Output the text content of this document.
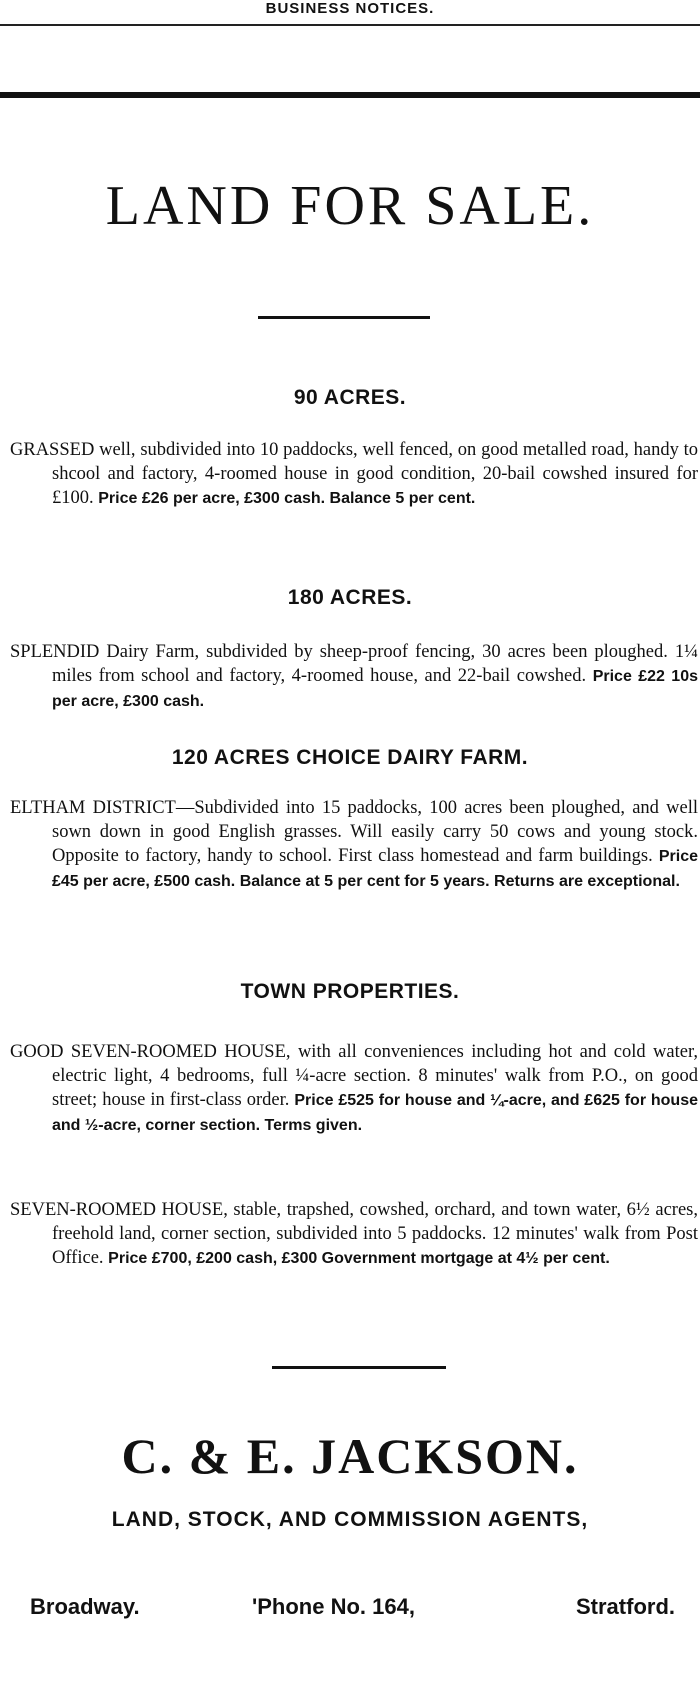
BUSINESS NOTICES.
LAND FOR SALE.
90 ACRES.
GRASSED well, subdivided into 10 paddocks, well fenced, on good metalled road, handy to shcool and factory, 4-roomed house in good condition, 20-bail cowshed insured for £100. Price £26 per acre, £300 cash. Balance 5 per cent.
180 ACRES.
SPLENDID Dairy Farm, subdivided by sheep-proof fencing, 30 acres been ploughed. 1¼ miles from school and factory, 4-roomed house, and 22-bail cowshed. Price £22 10s per acre, £300 cash.
120 ACRES CHOICE DAIRY FARM.
ELTHAM DISTRICT—Subdivided into 15 paddocks, 100 acres been ploughed, and well sown down in good English grasses. Will easily carry 50 cows and young stock. Opposite to factory, handy to school. First class homestead and farm buildings. Price £45 per acre, £500 cash. Balance at 5 per cent for 5 years. Returns are exceptional.
TOWN PROPERTIES.
GOOD SEVEN-ROOMED HOUSE, with all conveniences including hot and cold water, electric light, 4 bedrooms, full ¼-acre section. 8 minutes' walk from P.O., on good street; house in first-class order. Price £525 for house and ¼-acre, and £625 for house and ½-acre, corner section. Terms given.
SEVEN-ROOMED HOUSE, stable, trapshed, cowshed, orchard, and town water, 6½ acres, freehold land, corner section, subdivided into 5 paddocks. 12 minutes' walk from Post Office. Price £700, £200 cash, £300 Government mortgage at 4½ per cent.
C. & E. JACKSON.
LAND, STOCK, AND COMMISSION AGENTS,
Broadway.	'Phone No. 164,	Stratford.
